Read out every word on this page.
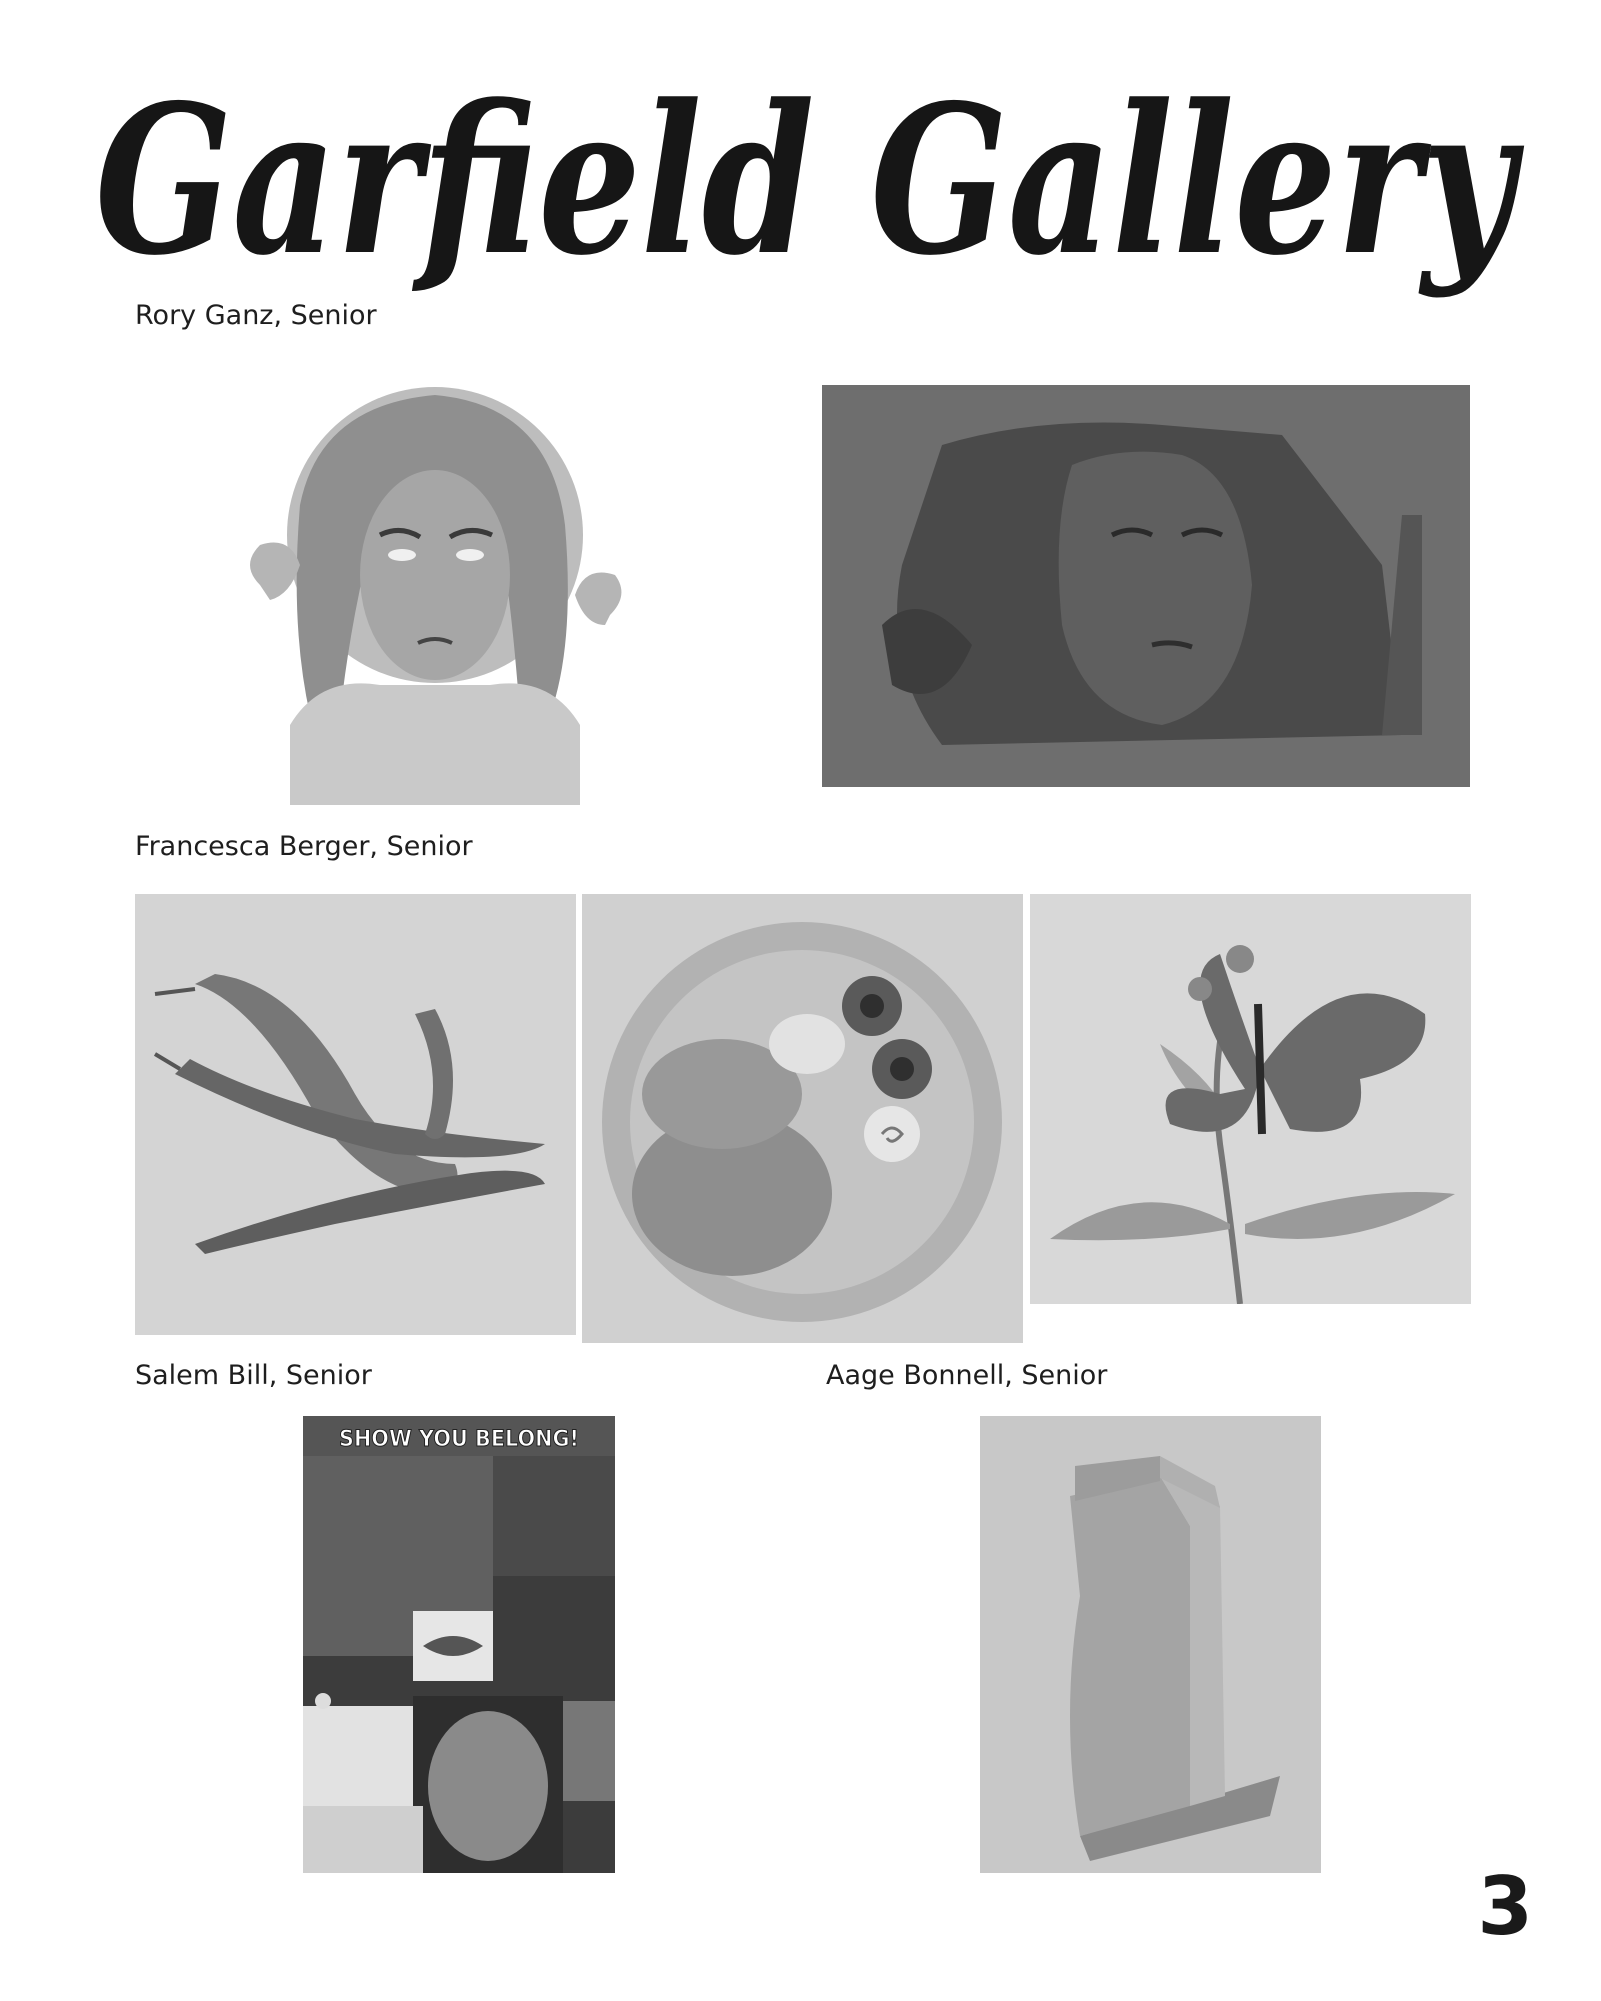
Garfield Gallery
Rory Ganz, Senior
Francesca Berger, Senior
Salem Bill, Senior
SHOW YOU BELONG!
Aage Bonnell, Senior
3
